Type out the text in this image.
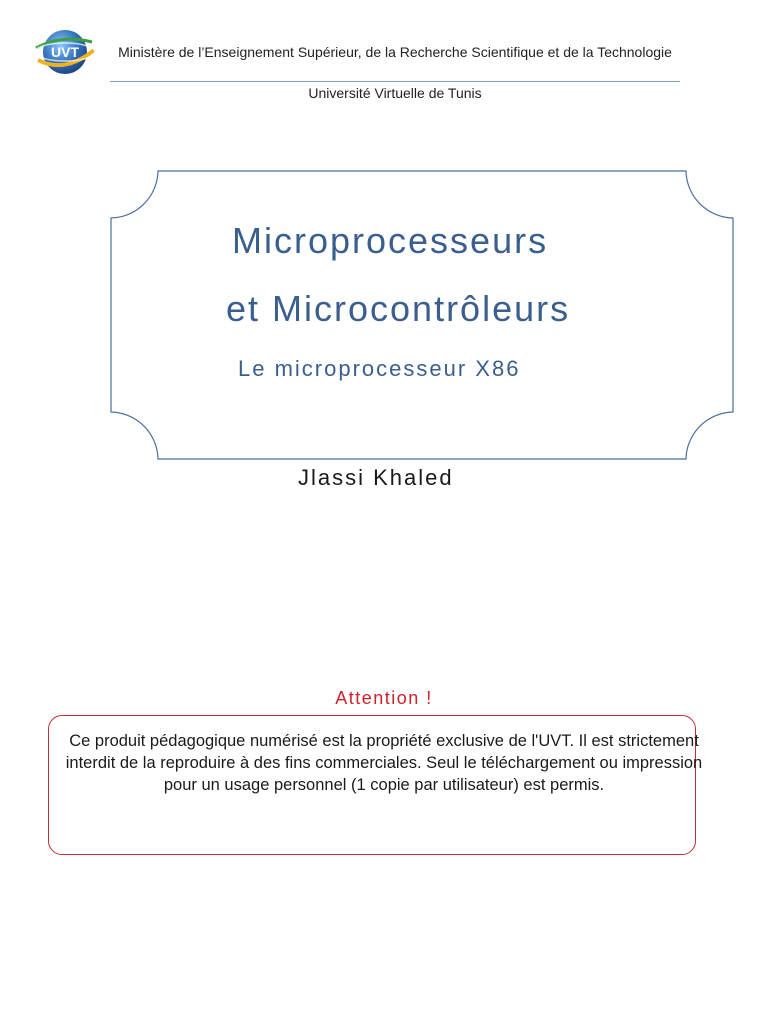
UVT	Ministère de l’Enseignement Supérieur, de la Recherche Scientifique et de la Technologie
Université Virtuelle de Tunis
Microprocesseurs
et Microcontrôleurs
Le microprocesseur X86
Jlassi Khaled
Attention !
Ce produit pédagogique numérisé est la propriété exclusive de l'UVT. Il est strictement interdit de la reproduire à des fins commerciales. Seul le téléchargement ou impression pour un usage personnel (1 copie par utilisateur) est permis.
